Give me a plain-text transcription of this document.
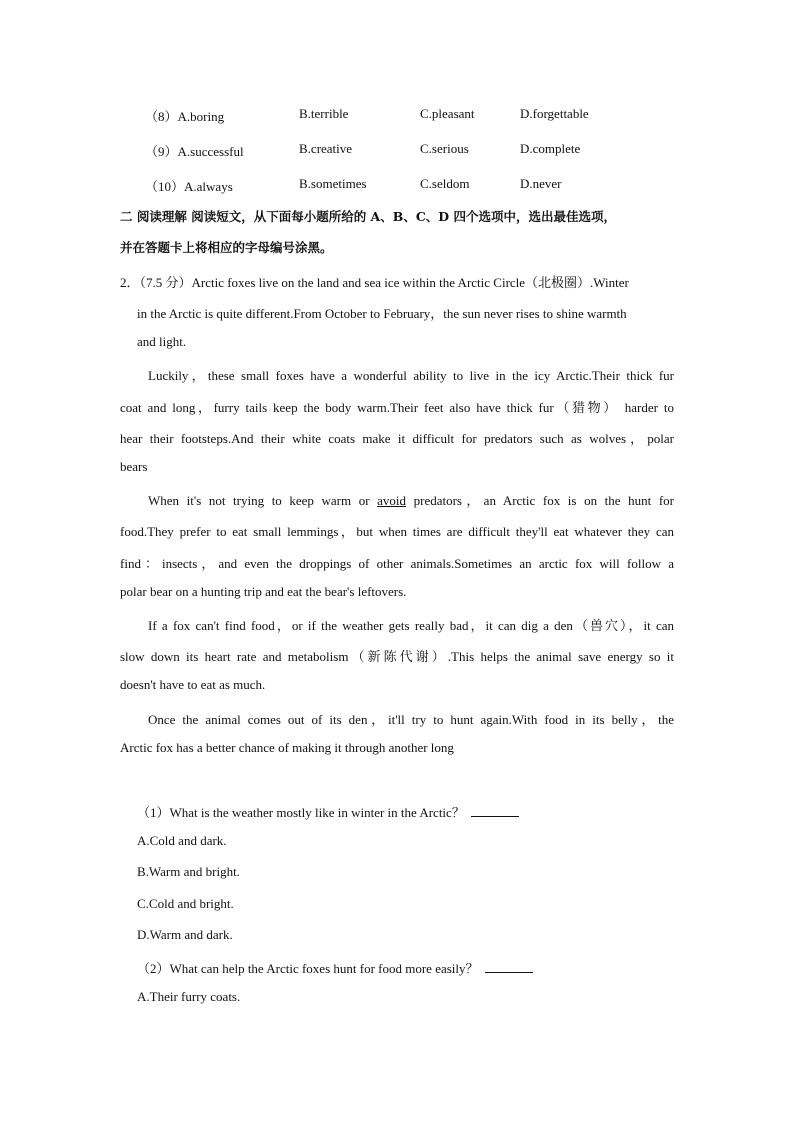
（8）A.boring	B.terrible	C.pleasant	D.forgettable
（9）A.successful	B.creative	C.serious	D.complete
（10）A.always	B.sometimes	C.seldom	D.never
二 阅读理解 阅读短文，从下面每小题所给的 A、B、C、D 四个选项中，选出最佳选项，
并在答题卡上将相应的字母编号涂黑。
2．（7.5 分）Arctic foxes live on the land and sea ice within the Arctic Circle（北极圈）.Winter
in the Arctic is quite different.From October to February，the sun never rises to shine warmth
and light.
Luckily，these small foxes have a wonderful ability to live in the icy Arctic.Their thick fur
coat and long，furry tails keep the body warm.Their feet also have thick fur（猎物） harder to
hear their footsteps.And their white coats make it difficult for predators such as wolves，polar
bears
When it's not trying to keep warm or avoid predators，an Arctic fox is on the hunt for
food.They prefer to eat small lemmings，but when times are difficult they'll eat whatever they can
find：insects，and even the droppings of other animals.Sometimes an arctic fox will follow a
polar bear on a hunting trip and eat the bear's leftovers.
If a fox can't find food，or if the weather gets really bad，it can dig a den（兽穴），it can
slow down its heart rate and metabolism（新陈代谢）.This helps the animal save energy so it
doesn't have to eat as much.
Once the animal comes out of its den，it'll try to hunt again.With food in its belly，the
Arctic fox has a better chance of making it through another long
（1）What is the weather mostly like in winter in the Arctic？
A.Cold and dark.
B.Warm and bright.
C.Cold and bright.
D.Warm and dark.
（2）What can help the Arctic foxes hunt for food more easily？
A.Their furry coats.
